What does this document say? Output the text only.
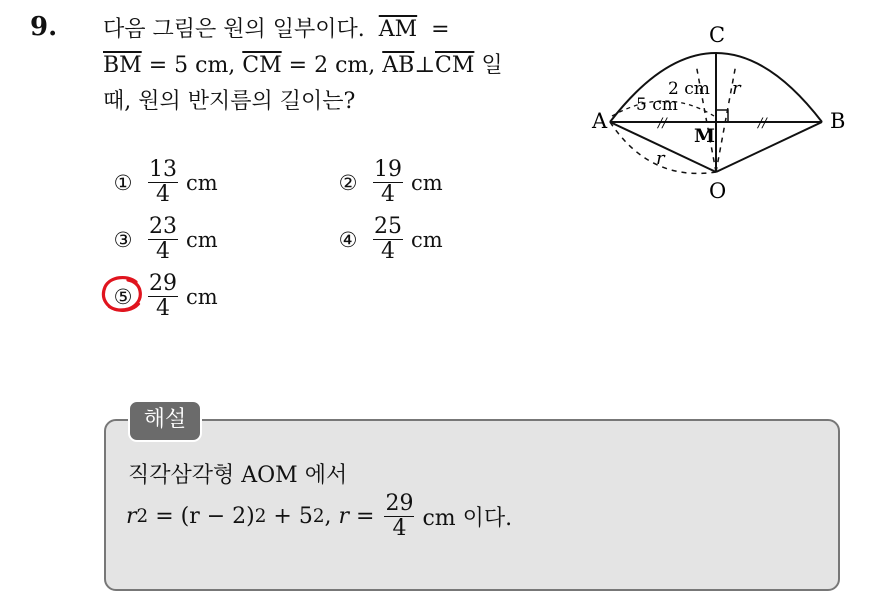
9. 다음 그림은 원의 일부이다. $\overline{AM}$  =
$\overline{BM} = 5$ cm, $\overline{CM} = 2$ cm, $\overline{AB}\perp\overline{CM}$ 일
때, 원의 반지름의 길이는?
① $\frac{13}{4}$ cm	② $\frac{19}{4}$ cm
③ $\frac{23}{4}$ cm	④ $\frac{25}{4}$ cm
⑤ $\frac{29}{4}$ cm
A	B
C
M
O
2 cm
5 cm
r
r
//	//
해설
직각삼각형 AOM 에서
r 2
= (r − 2) 2
+ 5 2 ,
r
= $\frac{29}{4}$ cm 이다.
